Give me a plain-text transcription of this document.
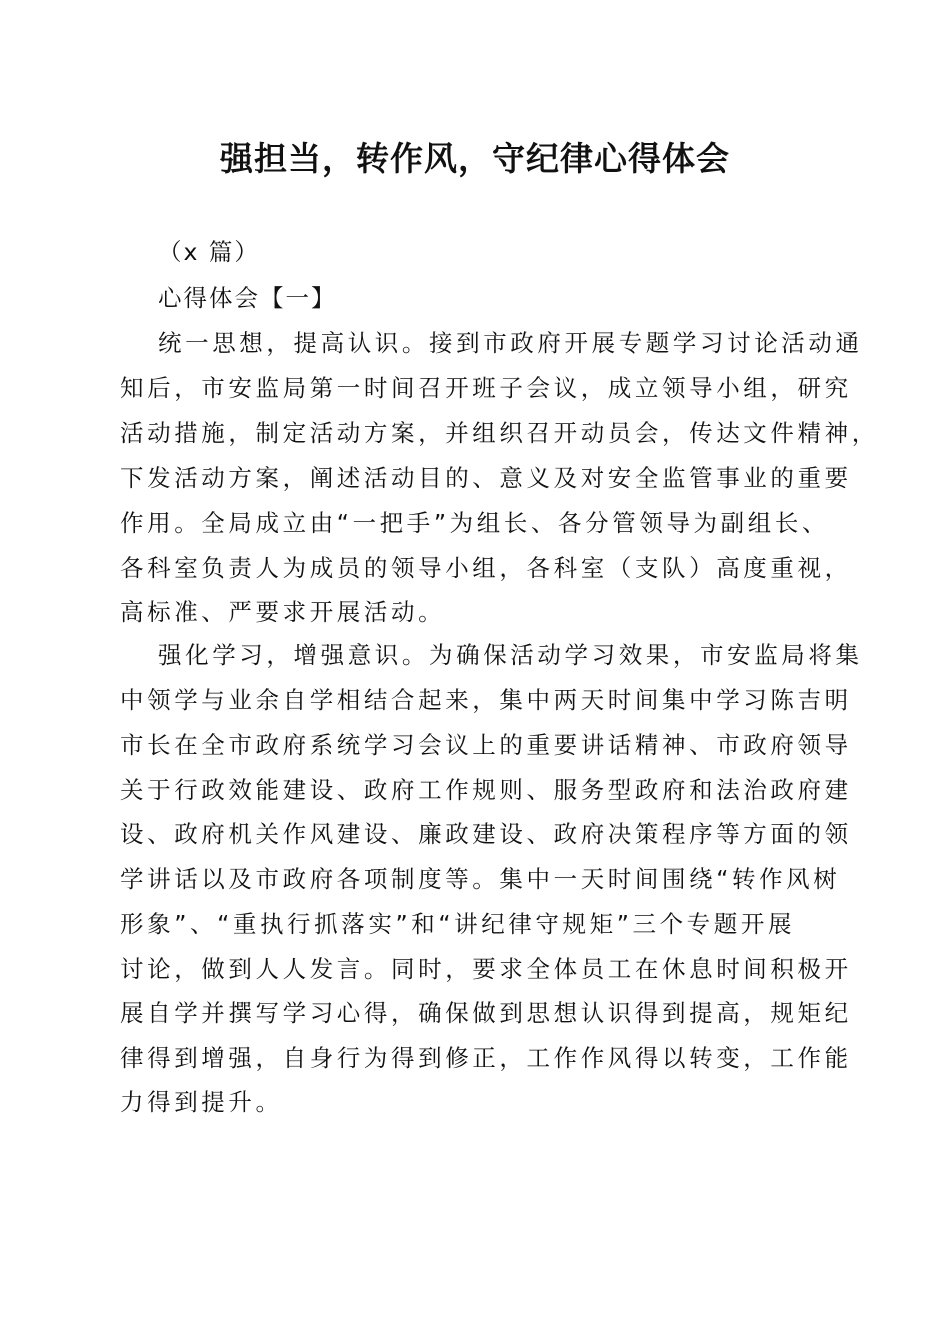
强担当，转作风，守纪律心得体会

（x 篇）

心得体会【一】

统一思想，提高认识。接到市政府开展专题学习讨论活动通

知后，市安监局第一时间召开班子会议，成立领导小组，研究

活动措施，制定活动方案，并组织召开动员会，传达文件精神，

下发活动方案，阐述活动目的、意义及对安全监管事业的重要

作用。全局成立由“一把手”为组长、各分管领导为副组长、

各科室负责人为成员的领导小组，各科室（支队）高度重视，

高标准、严要求开展活动。

强化学习，增强意识。为确保活动学习效果，市安监局将集

中领学与业余自学相结合起来，集中两天时间集中学习陈吉明

市长在全市政府系统学习会议上的重要讲话精神、市政府领导

关于行政效能建设、政府工作规则、服务型政府和法治政府建

设、政府机关作风建设、廉政建设、政府决策程序等方面的领

学讲话以及市政府各项制度等。集中一天时间围绕“转作风树

形象”、“重执行抓落实”和“讲纪律守规矩”三个专题开展

讨论，做到人人发言。同时，要求全体员工在休息时间积极开

展自学并撰写学习心得，确保做到思想认识得到提高，规矩纪

律得到增强，自身行为得到修正，工作作风得以转变，工作能

力得到提升。
